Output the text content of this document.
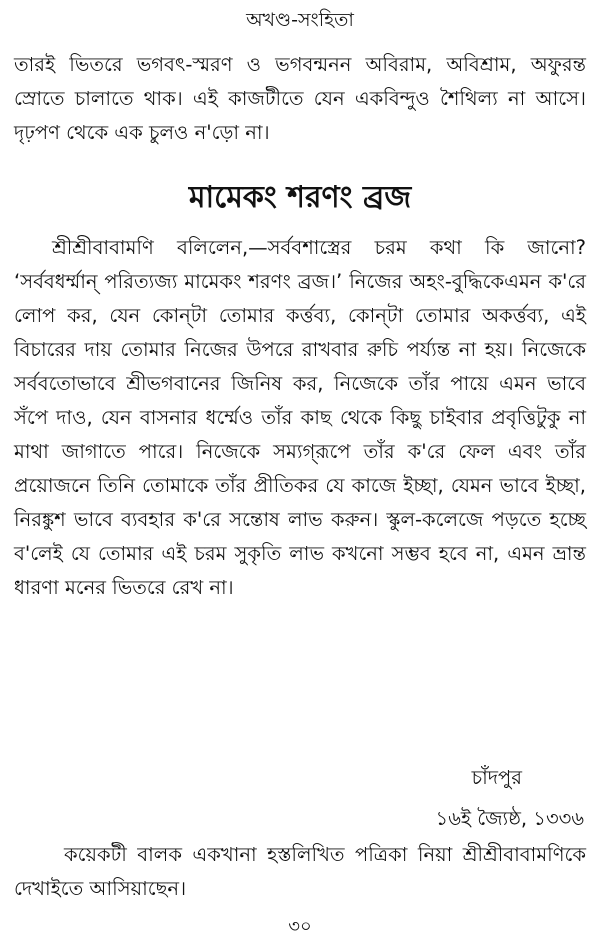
অখণ্ড-সংহিতা

তারই ভিতরে ভগবৎ-স্মরণ ও ভগবন্মনন অবিরাম, অবিশ্রাম, অফুরন্ত স্রোতে চালাতে থাক। এই কাজটীতে যেন একবিন্দুও শৈথিল্য না আসে। দৃঢ়পণ থেকে এক চুলও ন'ড়ো না।

মামেকং শরণং ব্রজ

শ্রীশ্রীবাবামণি বলিলেন,—সর্ববশাস্ত্রের চরম কথা কি জানো? ‘সর্ববধর্ম্মান্ পরিত্যজ্য মামেকং শরণং ব্রজ।’ নিজের অহং-বুদ্ধিকেএমন ক'রে লোপ কর, যেন কোন্‌টা তোমার কর্ত্তব্য, কোন্‌টা তোমার অকর্ত্তব্য, এই বিচারের দায় তোমার নিজের উপরে রাখবার রুচি পর্য্যন্ত না হয়। নিজেকে সর্ববতোভাবে শ্রীভগবানের জিনিষ কর, নিজেকে তাঁর পায়ে এমন ভাবে সঁপে দাও, যেন বাসনার ধর্ম্মেও তাঁর কাছ থেকে কিছু চাইবার প্রবৃত্তিটুকু না মাথা জাগাতে পারে। নিজেকে সম্যগ্‌রূপে তাঁর ক'রে ফেল এবং তাঁর প্রয়োজনে তিনি তোমাকে তাঁর প্রীতিকর যে কাজে ইচ্ছা, যেমন ভাবে ইচ্ছা, নিরঙ্কুশ ভাবে ব্যবহার ক'রে সন্তোষ লাভ করুন। স্কুল-কলেজে পড়তে হচ্ছে ব'লেই যে তোমার এই চরম সুকৃতি লাভ কখনো সম্ভব হবে না, এমন ভ্রান্ত ধারণা মনের ভিতরে রেখ না।

চাঁদপুর
১৬ই জ্যৈষ্ঠ, ১৩৩৬

কয়েকটী বালক একখানা হস্তলিখিত পত্রিকা নিয়া শ্রীশ্রীবাবামণিকে দেখাইতে আসিয়াছেন।

৩০
